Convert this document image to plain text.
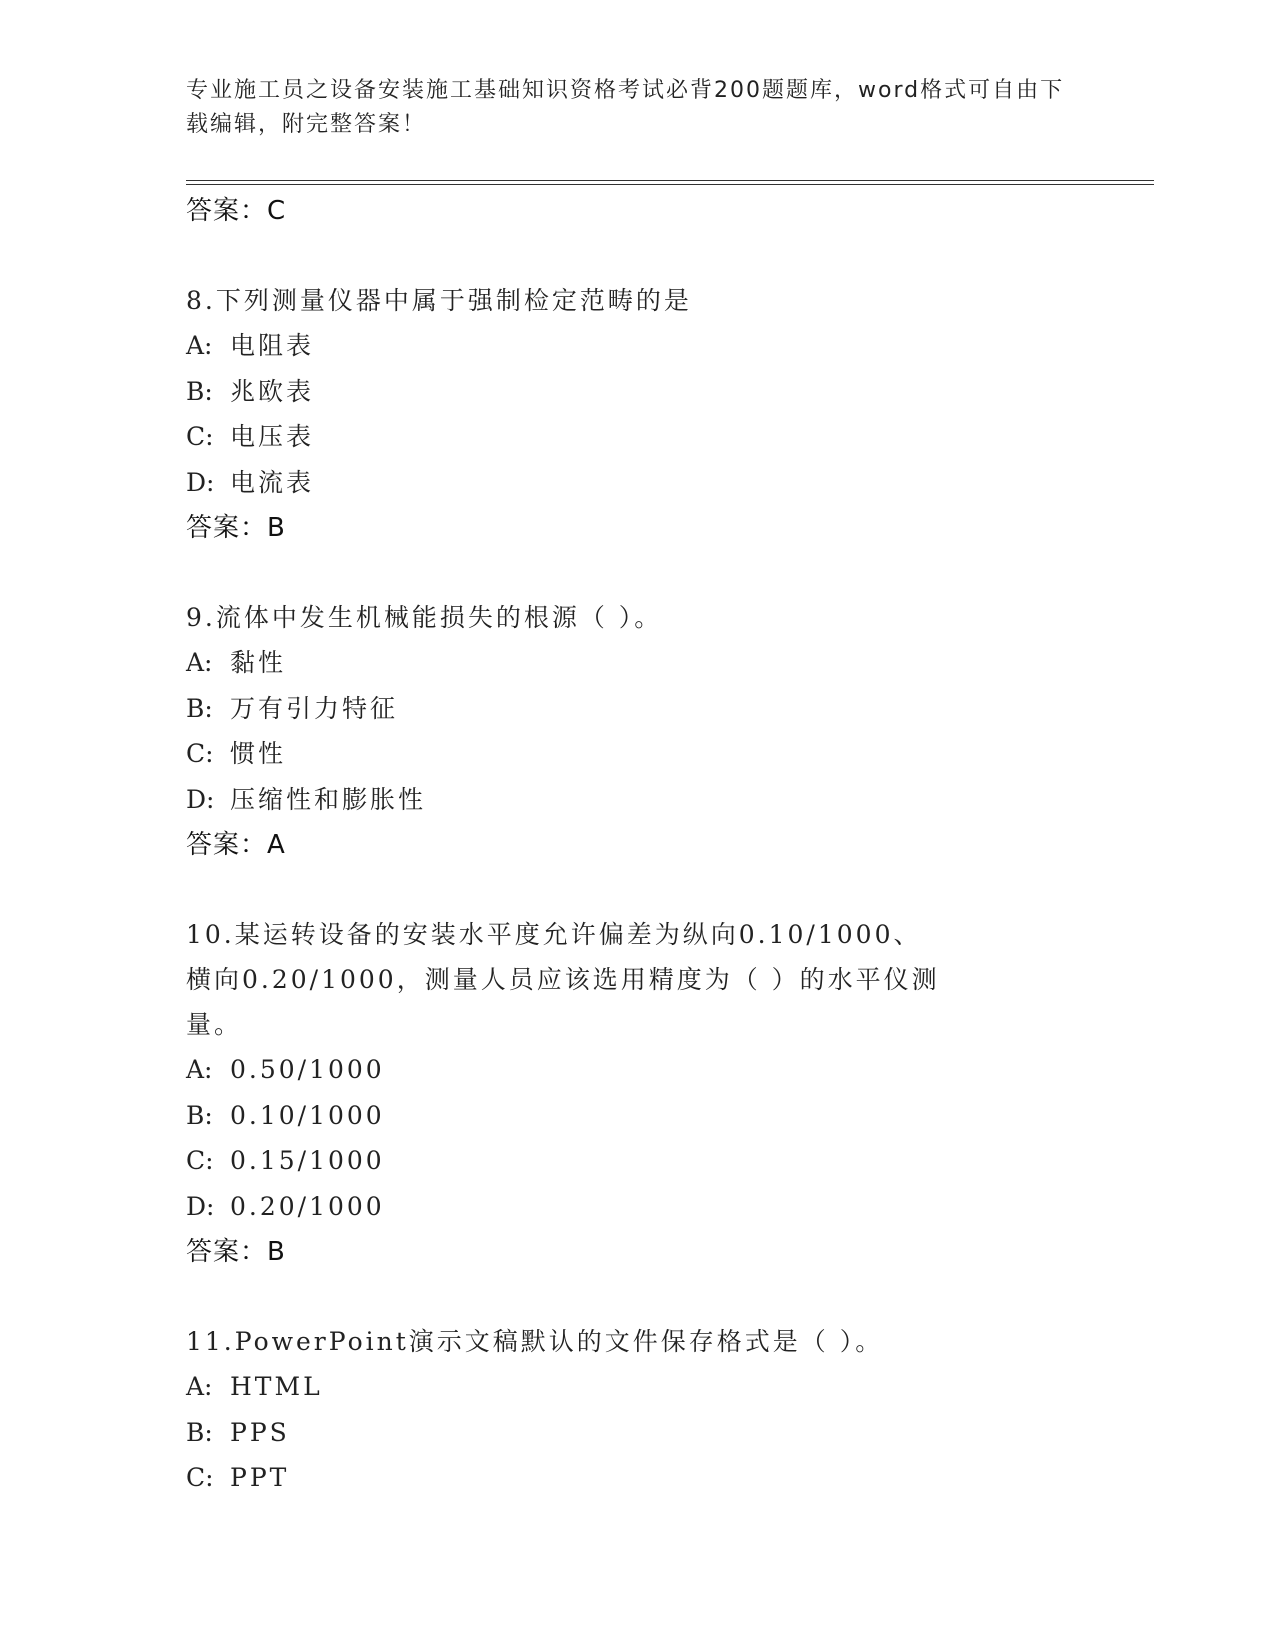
专业施工员之设备安装施工基础知识资格考试必背200题题库，word格式可自由下载编辑，附完整答案！
答案：C
8.下列测量仪器中属于强制检定范畴的是
A: 电阻表
B: 兆欧表
C: 电压表
D: 电流表
答案：B
9.流体中发生机械能损失的根源（ ）。
A: 黏性
B: 万有引力特征
C: 惯性
D: 压缩性和膨胀性
答案：A
10.某运转设备的安装水平度允许偏差为纵向0.10/1000、横向0.20/1000，测量人员应该选用精度为（ ）的水平仪测量。
A: 0.50/1000
B: 0.10/1000
C: 0.15/1000
D: 0.20/1000
答案：B
11.PowerPoint演示文稿默认的文件保存格式是（ ）。
A: HTML
B: PPS
C: PPT
